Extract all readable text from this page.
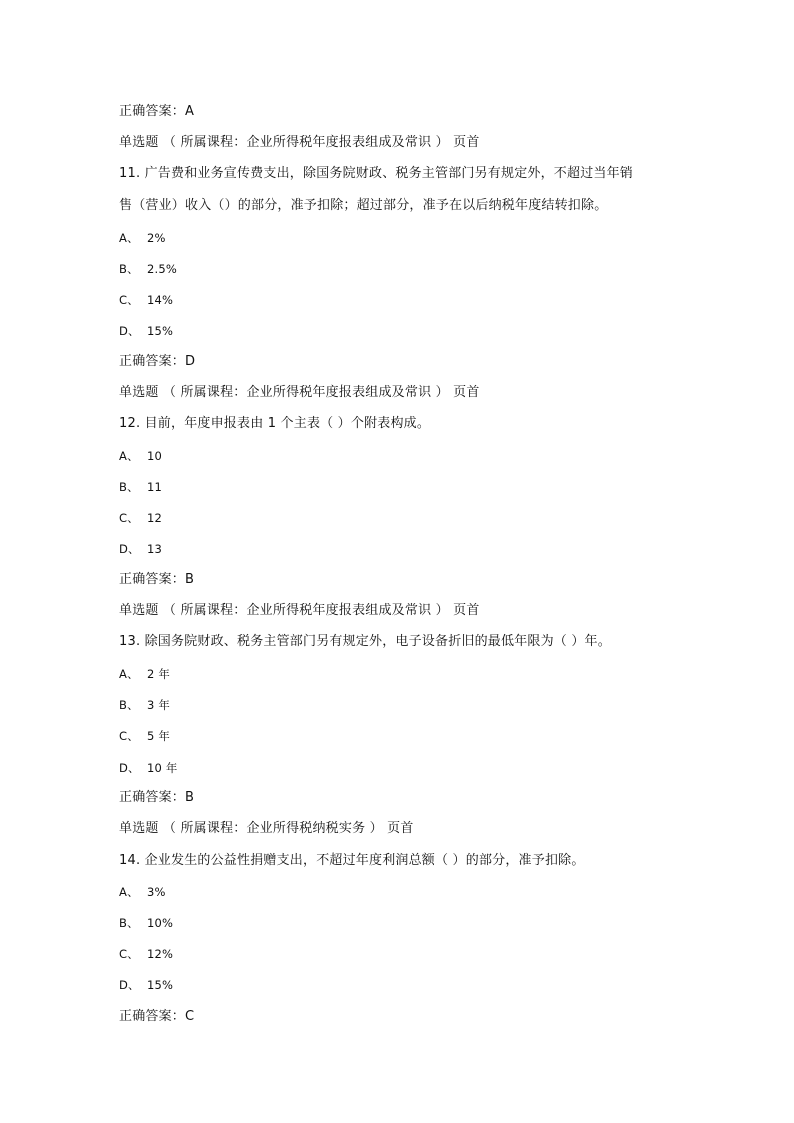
正确答案：A
单选题 （ 所属课程：企业所得税年度报表组成及常识 ） 页首
11. 广告费和业务宣传费支出，除国务院财政、税务主管部门另有规定外，不超过当年销
售（营业）收入（）的部分，准予扣除；超过部分，准予在以后纳税年度结转扣除。
A、 2%
B、 2.5%
C、 14%
D、 15%
正确答案：D
单选题 （ 所属课程：企业所得税年度报表组成及常识 ） 页首
12. 目前，年度申报表由 1 个主表（ ）个附表构成。
A、 10
B、 11
C、 12
D、 13
正确答案：B
单选题 （ 所属课程：企业所得税年度报表组成及常识 ） 页首
13. 除国务院财政、税务主管部门另有规定外，电子设备折旧的最低年限为（ ）年。
A、 2 年
B、 3 年
C、 5 年
D、 10 年
正确答案：B
单选题 （ 所属课程：企业所得税纳税实务 ） 页首
14. 企业发生的公益性捐赠支出，不超过年度利润总额（ ）的部分，准予扣除。
A、 3%
B、 10%
C、 12%
D、 15%
正确答案：C
